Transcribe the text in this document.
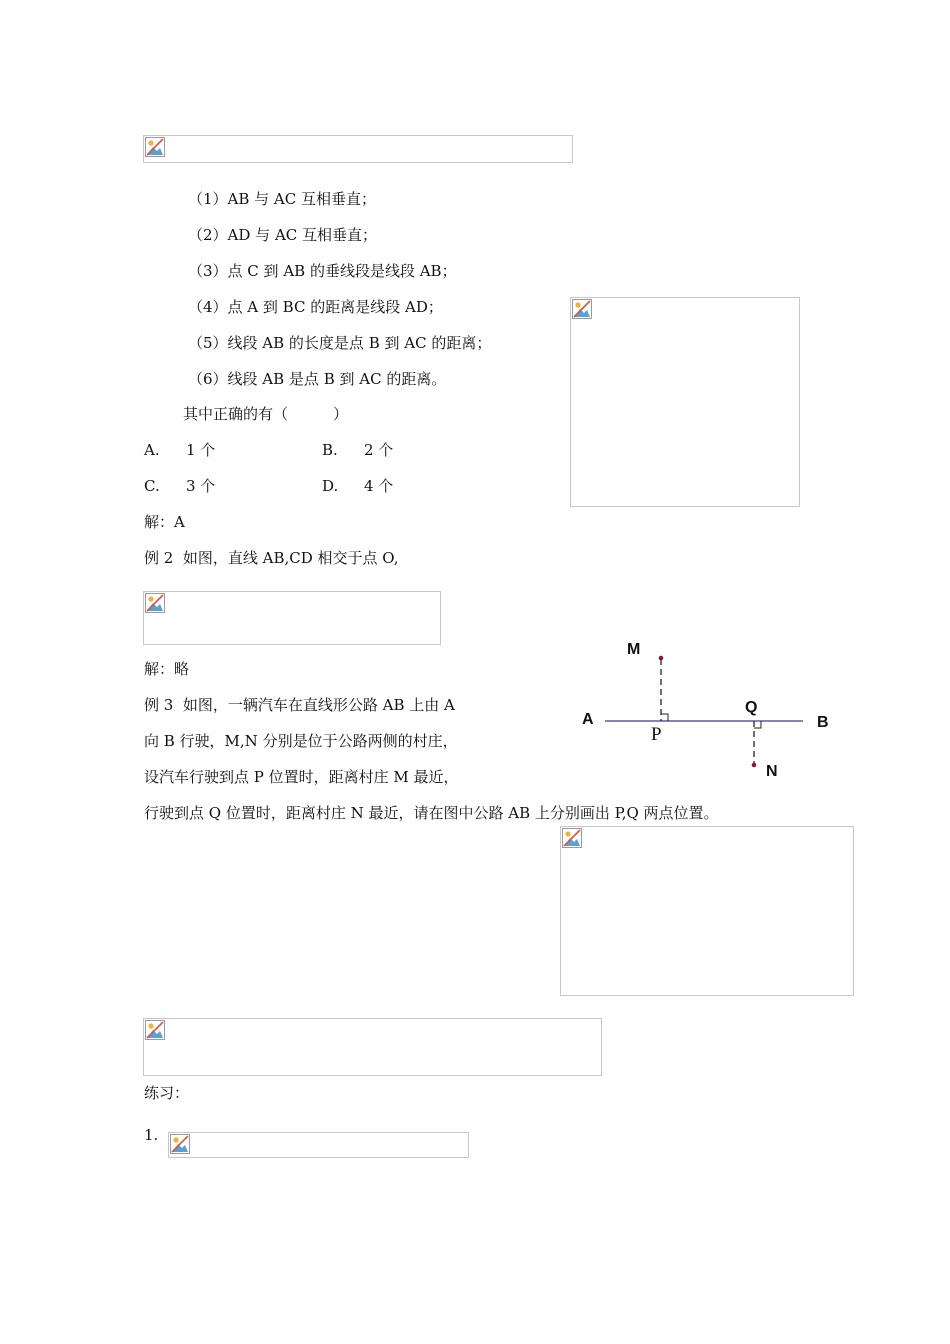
（1）AB 与 AC 互相垂直；
（2）AD 与 AC 互相垂直；
（3）点 C 到 AB 的垂线段是线段 AB；
（4）点 A 到 BC 的距离是线段 AD；
（5）线段 AB 的长度是点 B 到 AC 的距离；
（6）线段 AB 是点 B 到 AC 的距离。
其中正确的有（　　　）
A. 1 个	B. 2 个
C. 3 个	D. 4 个
解：A
例 2  如图，直线 AB,CD 相交于点 O,
解：略
例 3  如图，一辆汽车在直线形公路 AB 上由 A
向 B 行驶，M,N 分别是位于公路两侧的村庄，
设汽车行驶到点 P 位置时，距离村庄 M 最近，
行驶到点 Q 位置时，距离村庄 N 最近，请在图中公路 AB 上分别画出 P,Q 两点位置。
M
A
P
Q
B
N
练习：
1.
